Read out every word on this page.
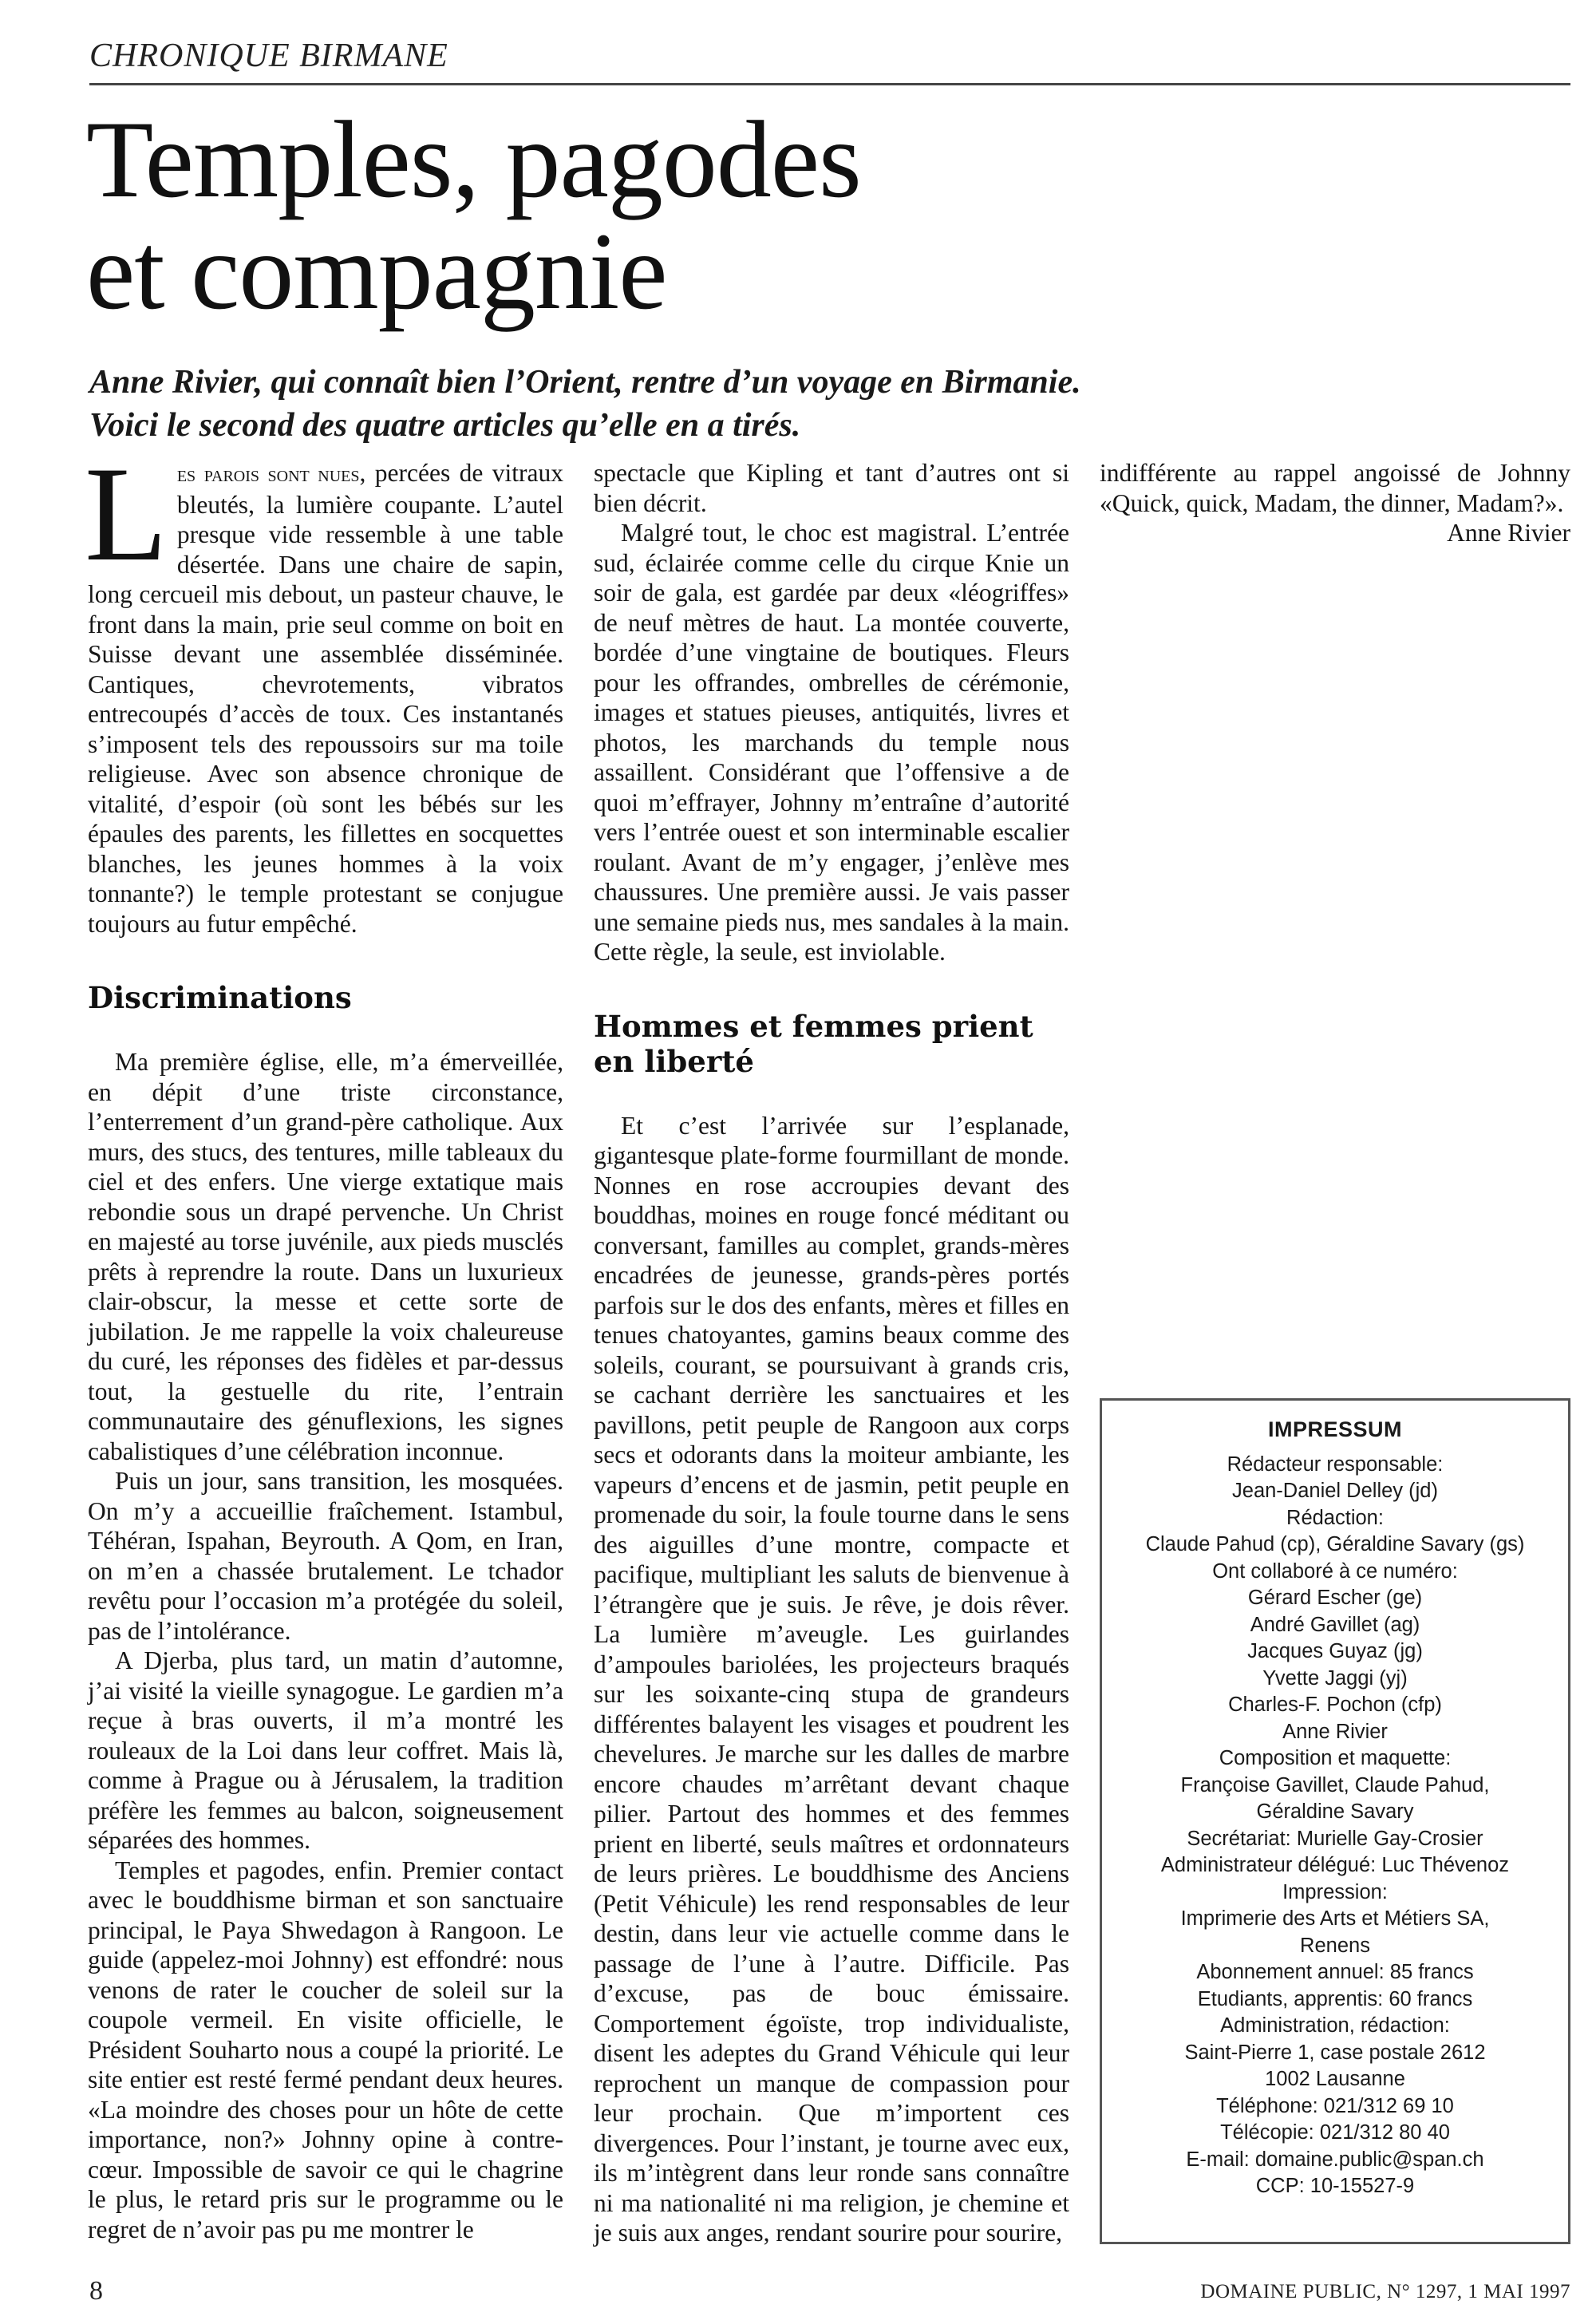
CHRONIQUE BIRMANE
Temples, pagodes
et compagnie
Anne Rivier, qui connaît bien l’Orient, rentre d’un voyage en Birmanie.
Voici le second des quatre articles qu’elle en a tirés.

Les parois sont nues, percées de vitraux bleutés, la lumière coupante. L’autel presque vide ressemble à une table désertée. Dans une chaire de sapin, long cercueil mis debout, un pasteur chauve, le front dans la main, prie seul comme on boit en Suisse devant une assemblée disséminée. Cantiques, chevrotements, vibratos entrecoupés d’accès de toux. Ces instantanés s’imposent tels des repoussoirs sur ma toile religieuse. Avec son absence chronique de vitalité, d’espoir (où sont les bébés sur les épaules des parents, les fillettes en socquettes blanches, les jeunes hommes à la voix tonnante?) le temple protestant se conjugue toujours au futur empêché.

Discriminations

Ma première église, elle, m’a émerveillée, en dépit d’une triste circonstance, l’enterrement d’un grand-père catholique. Aux murs, des stucs, des tentures, mille tableaux du ciel et des enfers. Une vierge extatique mais rebondie sous un drapé pervenche. Un Christ en majesté au torse juvénile, aux pieds musclés prêts à reprendre la route. Dans un luxurieux clair-obscur, la messe et cette sorte de jubilation. Je me rappelle la voix chaleureuse du curé, les réponses des fidèles et par-dessus tout, la gestuelle du rite, l’entrain communautaire des génuflexions, les signes cabalistiques d’une célébration inconnue.

Puis un jour, sans transition, les mosquées. On m’y a accueillie fraîchement. Istambul, Téhéran, Ispahan, Beyrouth. A Qom, en Iran, on m’en a chassée brutalement. Le tchador revêtu pour l’occasion m’a protégée du soleil, pas de l’intolérance.

A Djerba, plus tard, un matin d’automne, j’ai visité la vieille synagogue. Le gardien m’a reçue à bras ouverts, il m’a montré les rouleaux de la Loi dans leur coffret. Mais là, comme à Prague ou à Jérusalem, la tradition préfère les femmes au balcon, soigneusement séparées des hommes.

Temples et pagodes, enfin. Premier contact avec le bouddhisme birman et son sanctuaire principal, le Paya Shwedagon à Rangoon. Le guide (appelez-moi Johnny) est effondré: nous venons de rater le coucher de soleil sur la coupole vermeil. En visite officielle, le Président Souharto nous a coupé la priorité. Le site entier est resté fermé pendant deux heures. «La moindre des choses pour un hôte de cette importance, non?» Johnny opine à contre-cœur. Impossible de savoir ce qui le chagrine le plus, le retard pris sur le programme ou le regret de n’avoir pas pu me montrer le

spectacle que Kipling et tant d’autres ont si bien décrit.

Malgré tout, le choc est magistral. L’entrée sud, éclairée comme celle du cirque Knie un soir de gala, est gardée par deux «léogriffes» de neuf mètres de haut. La montée couverte, bordée d’une vingtaine de boutiques. Fleurs pour les offrandes, ombrelles de cérémonie, images et statues pieuses, antiquités, livres et photos, les marchands du temple nous assaillent. Considérant que l’offensive a de quoi m’effrayer, Johnny m’entraîne d’autorité vers l’entrée ouest et son interminable escalier roulant. Avant de m’y engager, j’enlève mes chaussures. Une première aussi. Je vais passer une semaine pieds nus, mes sandales à la main. Cette règle, la seule, est inviolable.

Hommes et femmes prient en liberté

Et c’est l’arrivée sur l’esplanade, gigantesque plate-forme fourmillant de monde. Nonnes en rose accroupies devant des bouddhas, moines en rouge foncé méditant ou conversant, familles au complet, grands-mères encadrées de jeunesse, grands-pères portés parfois sur le dos des enfants, mères et filles en tenues chatoyantes, gamins beaux comme des soleils, courant, se poursuivant à grands cris, se cachant derrière les sanctuaires et les pavillons, petit peuple de Rangoon aux corps secs et odorants dans la moiteur ambiante, les vapeurs d’encens et de jasmin, petit peuple en promenade du soir, la foule tourne dans le sens des aiguilles d’une montre, compacte et pacifique, multipliant les saluts de bienvenue à l’étrangère que je suis. Je rêve, je dois rêver. La lumière m’aveugle. Les guirlandes d’ampoules bariolées, les projecteurs braqués sur les soixante-cinq stupa de grandeurs différentes balayent les visages et poudrent les chevelures. Je marche sur les dalles de marbre encore chaudes m’arrêtant devant chaque pilier. Partout des hommes et des femmes prient en liberté, seuls maîtres et ordonnateurs de leurs prières. Le bouddhisme des Anciens (Petit Véhicule) les rend responsables de leur destin, dans leur vie actuelle comme dans le passage de l’une à l’autre. Difficile. Pas d’excuse, pas de bouc émissaire. Comportement égoïste, trop individualiste, disent les adeptes du Grand Véhicule qui leur reprochent un manque de compassion pour leur prochain. Que m’importent ces divergences. Pour l’instant, je tourne avec eux, ils m’intègrent dans leur ronde sans connaître ni ma nationalité ni ma religion, je chemine et je suis aux anges, rendant sourire pour sourire,

indifférente au rappel angoissé de Johnny «Quick, quick, Madam, the dinner, Madam?».

Anne Rivier

IMPRESSUM
Rédacteur responsable:
Jean-Daniel Delley (jd)
Rédaction:
Claude Pahud (cp), Géraldine Savary (gs)
Ont collaboré à ce numéro:
Gérard Escher (ge)
André Gavillet (ag)
Jacques Guyaz (jg)
Yvette Jaggi (yj)
Charles-F. Pochon (cfp)
Anne Rivier
Composition et maquette:
Françoise Gavillet, Claude Pahud,
Géraldine Savary
Secrétariat: Murielle Gay-Crosier
Administrateur délégué: Luc Thévenoz
Impression:
Imprimerie des Arts et Métiers SA,
Renens
Abonnement annuel: 85 francs
Etudiants, apprentis: 60 francs
Administration, rédaction:
Saint-Pierre 1, case postale 2612
1002 Lausanne
Téléphone: 021/312 69 10
Télécopie: 021/312 80 40
E-mail: domaine.public@span.ch
CCP: 10-15527-9
8	DOMAINE PUBLIC, N° 1297, 1 MAI 1997
